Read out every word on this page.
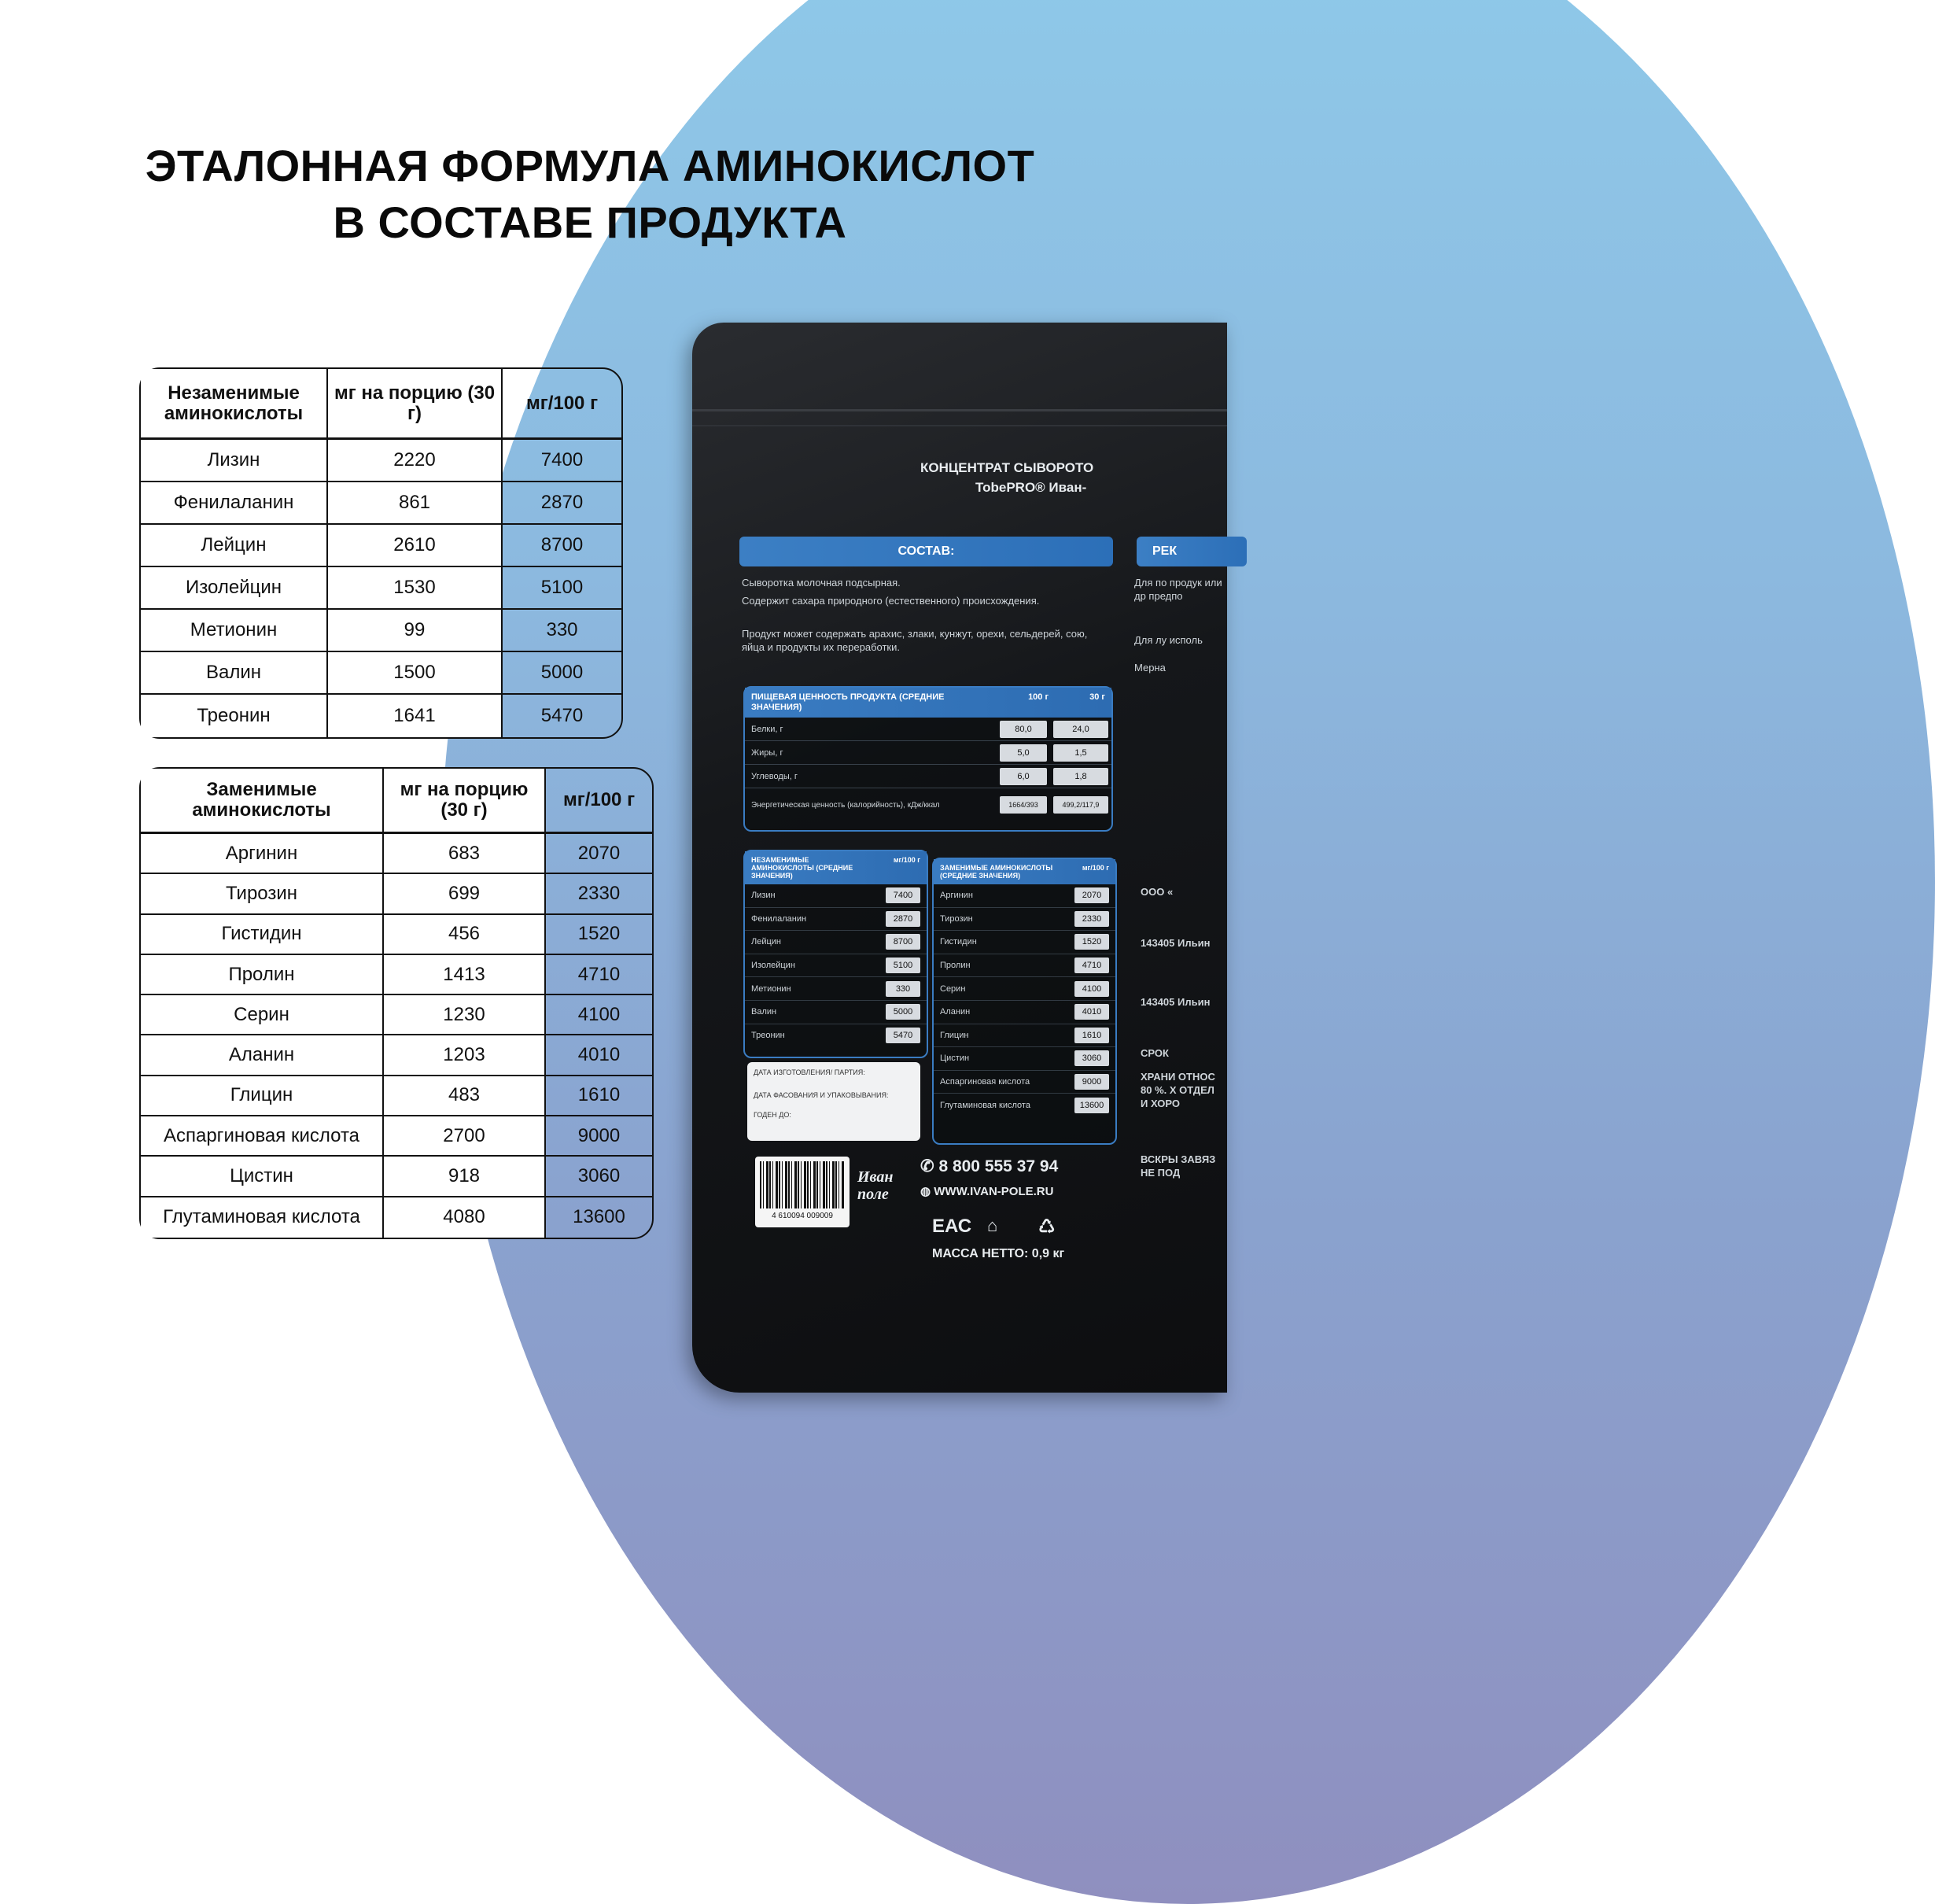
ЭТАЛОННАЯ ФОРМУЛА АМИНОКИСЛОТ
В СОСТАВЕ ПРОДУКТА
КОНЦЕНТРАТ СЫВОРОТО
TobePRO® Иван-
СОСТАВ:	РЕК
Сыворотка молочная подсырная.
Содержит сахара природного (естественного) происхождения.
Продукт может содержать арахис, злаки, кунжут, орехи, сельдерей, сою, яйца и продукты их переработки.
Для по продук или др предпо
Для лу исполь
Мерна
ПИЩЕВАЯ ЦЕННОСТЬ ПРОДУКТА (СРЕДНИЕ ЗНАЧЕНИЯ)
100 г	30 г
Белки, г	80,0	24,0
Жиры, г	5,0	1,5
Углеводы, г	6,0	1,8
Энергетическая ценность (калорийность), кДж/ккал	1664/393	499,2/117,9
НЕЗАМЕНИМЫЕ АМИНОКИСЛОТЫ (СРЕДНИЕ ЗНАЧЕНИЯ)
мг/100 г
Лизин	7400
Фенилаланин	2870
Лейцин	8700
Изолейцин	5100
Метионин	330
Валин	5000
Треонин	5470
ЗАМЕНИМЫЕ АМИНОКИСЛОТЫ (СРЕДНИЕ ЗНАЧЕНИЯ)
мг/100 г
Аргинин	2070
Тирозин	2330
Гистидин	1520
Пролин	4710
Серин	4100
Аланин	4010
Глицин	1610
Цистин	3060
Аспаргиновая кислота	9000
Глутаминовая кислота	13600
ДАТА ИЗГОТОВЛЕНИЯ/ ПАРТИЯ:
ДАТА ФАСОВАНИЯ И УПАКОВЫВАНИЯ:
ГОДЕН ДО:
4 610094 009009
Иван
поле
✆ 8 800 555 37 94
◍ WWW.IVAN-POLE.RU
ЕАС ⌂ ♺
МАССА НЕТТО: 0,9 кг
ООО «
143405 Ильин
143405 Ильин
СРОК
ХРАНИ ОТНОС 80 %. Х ОТДЕЛ И ХОРО
ВСКРЫ ЗАВЯЗ НЕ ПОД
Незаменимые аминокислоты	мг на порцию (30 г)	мг/100 г
Лизин	2220	7400
Фенилаланин	861	2870
Лейцин	2610	8700
Изолейцин	1530	5100
Метионин	99	330
Валин	1500	5000
Треонин	1641	5470
Заменимые аминокислоты	мг на порцию (30 г)	мг/100 г
Аргинин	683	2070
Тирозин	699	2330
Гистидин	456	1520
Пролин	1413	4710
Серин	1230	4100
Аланин	1203	4010
Глицин	483	1610
Аспаргиновая кислота	2700	9000
Цистин	918	3060
Глутаминовая кислота	4080	13600
